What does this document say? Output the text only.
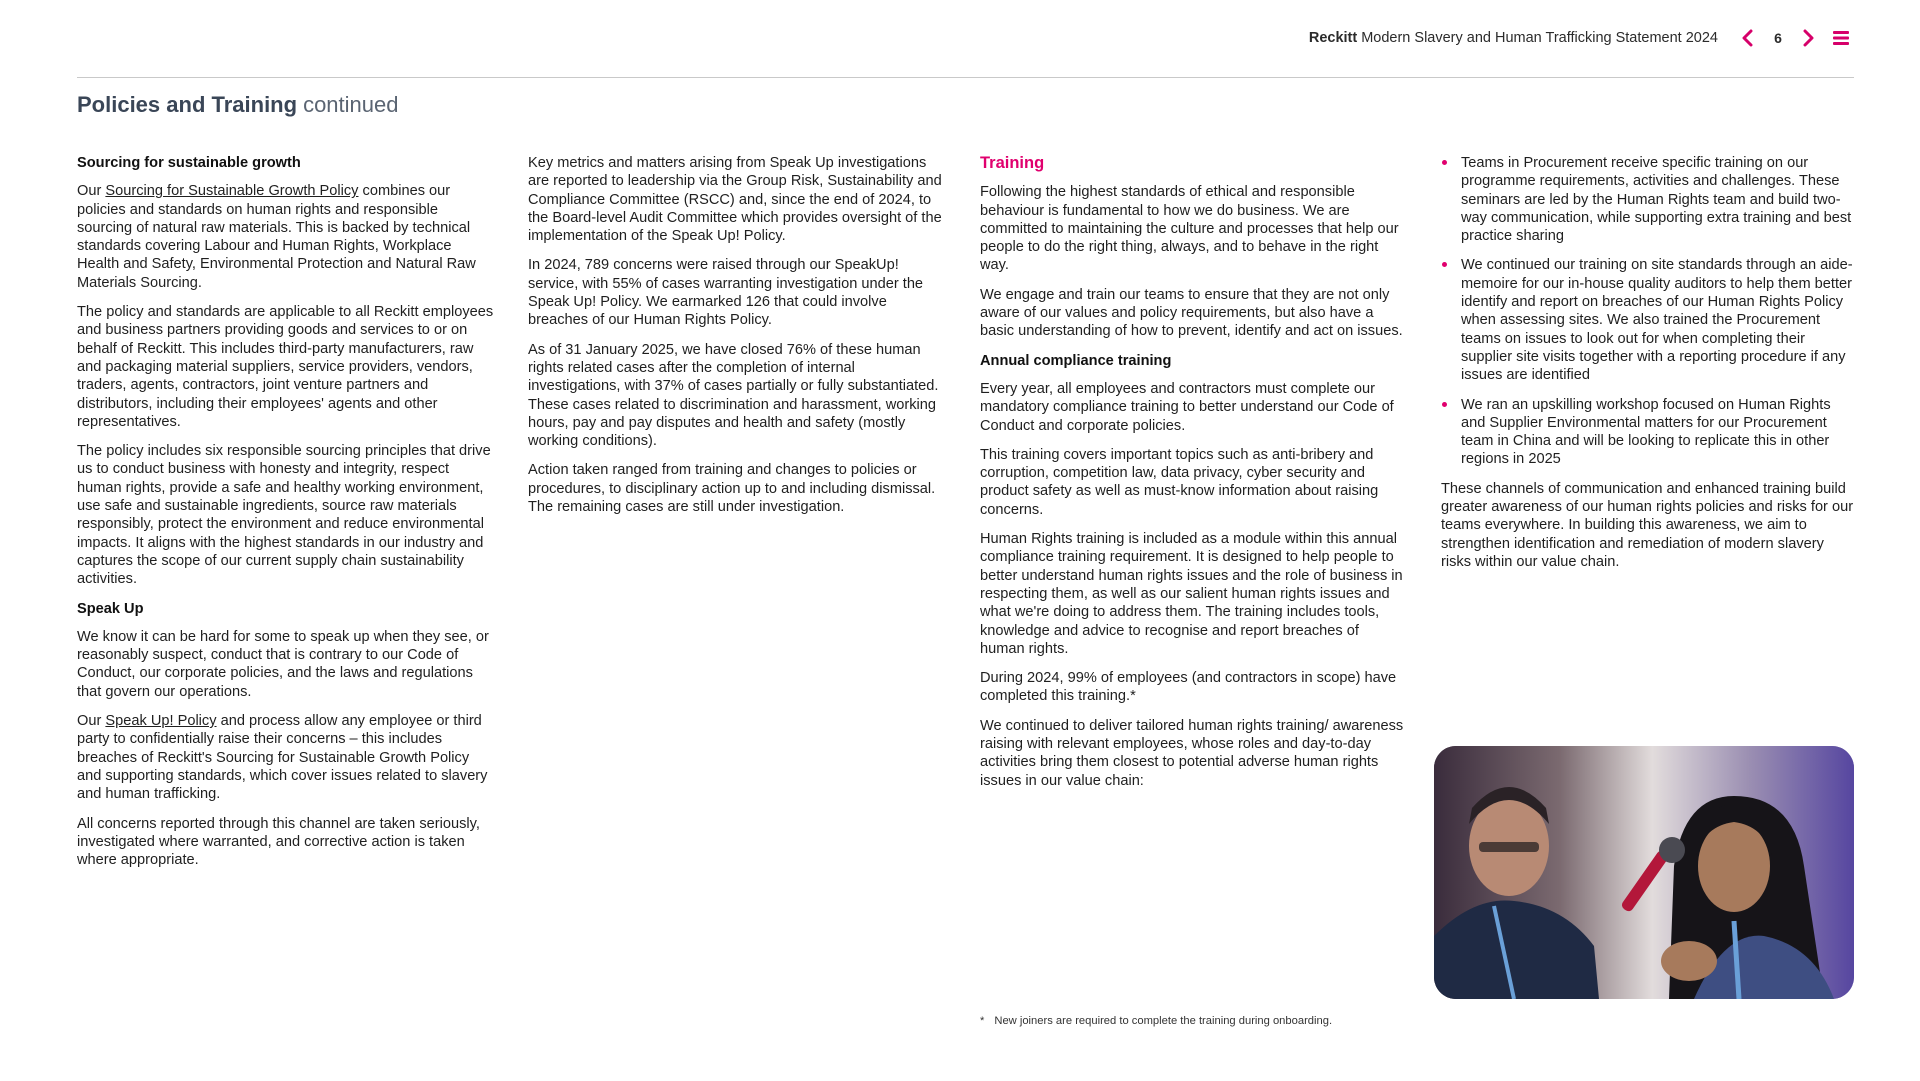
Reckitt Modern Slavery and Human Trafficking Statement 2024	6
Policies and Training continued
Sourcing for sustainable growth

Our Sourcing for Sustainable Growth Policy combines our policies and standards on human rights and responsible sourcing of natural raw materials. This is backed by technical standards covering Labour and Human Rights, Workplace Health and Safety, Environmental Protection and Natural Raw Materials Sourcing.

The policy and standards are applicable to all Reckitt employees and business partners providing goods and services to or on behalf of Reckitt. This includes third-party manufacturers, raw and packaging material suppliers, service providers, vendors, traders, agents, contractors, joint venture partners and distributors, including their employees' agents and other representatives.

The policy includes six responsible sourcing principles that drive us to conduct business with honesty and integrity, respect human rights, provide a safe and healthy working environment, use safe and sustainable ingredients, source raw materials responsibly, protect the environment and reduce environmental impacts. It aligns with the highest standards in our industry and captures the scope of our current supply chain sustainability activities.

Speak Up

We know it can be hard for some to speak up when they see, or reasonably suspect, conduct that is contrary to our Code of Conduct, our corporate policies, and the laws and regulations that govern our operations.

Our Speak Up! Policy and process allow any employee or third party to confidentially raise their concerns – this includes breaches of Reckitt's Sourcing for Sustainable Growth Policy and supporting standards, which cover issues related to slavery and human trafficking.

All concerns reported through this channel are taken seriously, investigated where warranted, and corrective action is taken where appropriate.

Key metrics and matters arising from Speak Up investigations are reported to leadership via the Group Risk, Sustainability and Compliance Committee (RSCC) and, since the end of 2024, to the Board-level Audit Committee which provides oversight of the implementation of the Speak Up! Policy.

In 2024, 789 concerns were raised through our SpeakUp! service, with 55% of cases warranting investigation under the Speak Up! Policy. We earmarked 126 that could involve breaches of our Human Rights Policy.

As of 31 January 2025, we have closed 76% of these human rights related cases after the completion of internal investigations, with 37% of cases partially or fully substantiated. These cases related to discrimination and harassment, working hours, pay and pay disputes and health and safety (mostly working conditions).

Action taken ranged from training and changes to policies or procedures, to disciplinary action up to and including dismissal. The remaining cases are still under investigation.

Training

Following the highest standards of ethical and responsible behaviour is fundamental to how we do business. We are committed to maintaining the culture and processes that help our people to do the right thing, always, and to behave in the right way.

We engage and train our teams to ensure that they are not only aware of our values and policy requirements, but also have a basic understanding of how to prevent, identify and act on issues.

Annual compliance training

Every year, all employees and contractors must complete our mandatory compliance training to better understand our Code of Conduct and corporate policies.

This training covers important topics such as anti-bribery and corruption, competition law, data privacy, cyber security and product safety as well as must-know information about raising concerns.

Human Rights training is included as a module within this annual compliance training requirement. It is designed to help people to better understand human rights issues and the role of business in respecting them, as well as our salient human rights issues and what we're doing to address them. The training includes tools, knowledge and advice to recognise and report breaches of human rights.

During 2024, 99% of employees (and contractors in scope) have completed this training.*

We continued to deliver tailored human rights training/ awareness raising with relevant employees, whose roles and day-to-day activities bring them closest to potential adverse human rights issues in our value chain:

Teams in Procurement receive specific training on our programme requirements, activities and challenges. These seminars are led by the Human Rights team and build two-way communication, while supporting extra training and best practice sharing
We continued our training on site standards through an aide-memoire for our in-house quality auditors to help them better identify and report on breaches of our Human Rights Policy when assessing sites. We also trained the Procurement teams on issues to look out for when completing their supplier site visits together with a reporting procedure if any issues are identified
We ran an upskilling workshop focused on Human Rights and Supplier Environmental matters for our Procurement team in China and will be looking to replicate this in other regions in 2025

These channels of communication and enhanced training build greater awareness of our human rights policies and risks for our teams everywhere. In building this awareness, we aim to strengthen identification and remediation of modern slavery risks within our value chain.

* New joiners are required to complete the training during onboarding.
